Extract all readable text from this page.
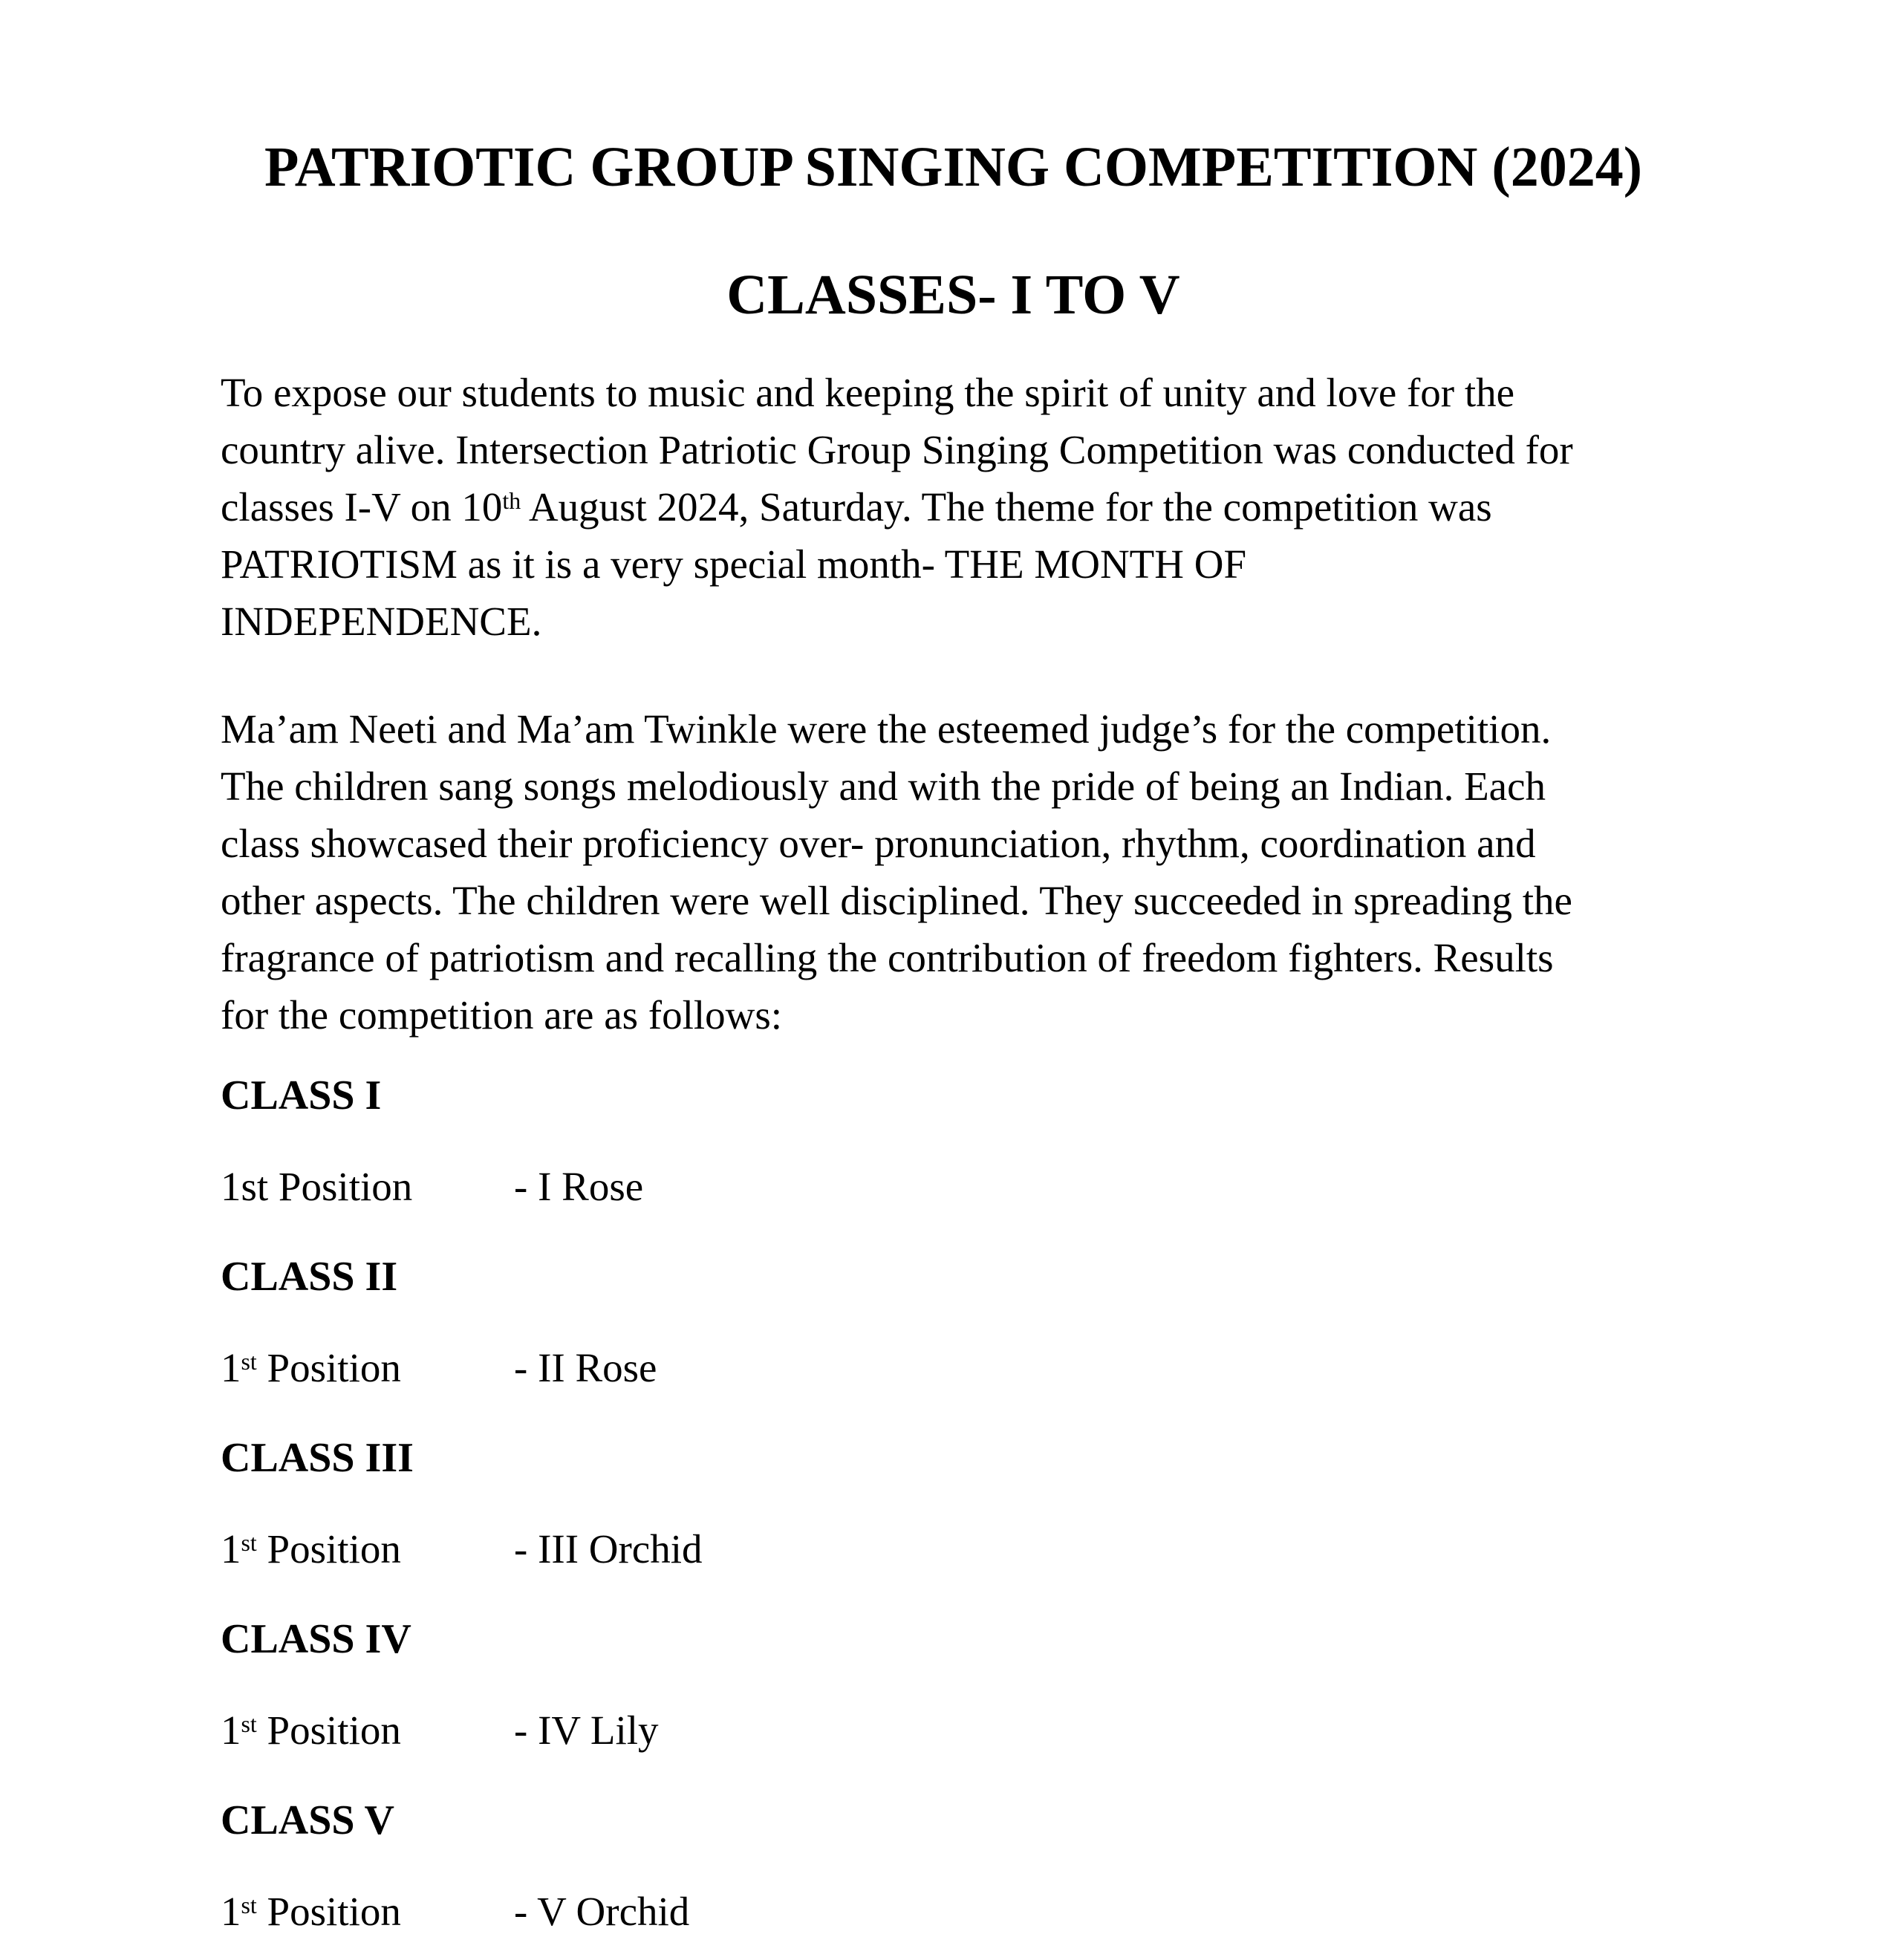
PATRIOTIC GROUP SINGING COMPETITION (2024)
CLASSES- I TO V

To expose our students to music and keeping the spirit of unity and love for the
country alive. Intersection Patriotic Group Singing Competition was conducted for
classes I-V on 10th August 2024, Saturday. The theme for the competition was
PATRIOTISM as it is a very special month- THE MONTH OF
INDEPENDENCE.

Ma’am Neeti and Ma’am Twinkle were the esteemed judge’s for the competition.
The children sang songs melodiously and with the pride of being an Indian. Each
class showcased their proficiency over- pronunciation, rhythm, coordination and
other aspects. The children were well disciplined. They succeeded in spreading the
fragrance of patriotism and recalling the contribution of freedom fighters. Results
for the competition are as follows:

CLASS I
1st Position - I Rose
CLASS II
1st Position	- II Rose
CLASS III
1st Position	- III Orchid
CLASS IV
1st Position	- IV Lily
CLASS V
1st Position	- V Orchid
